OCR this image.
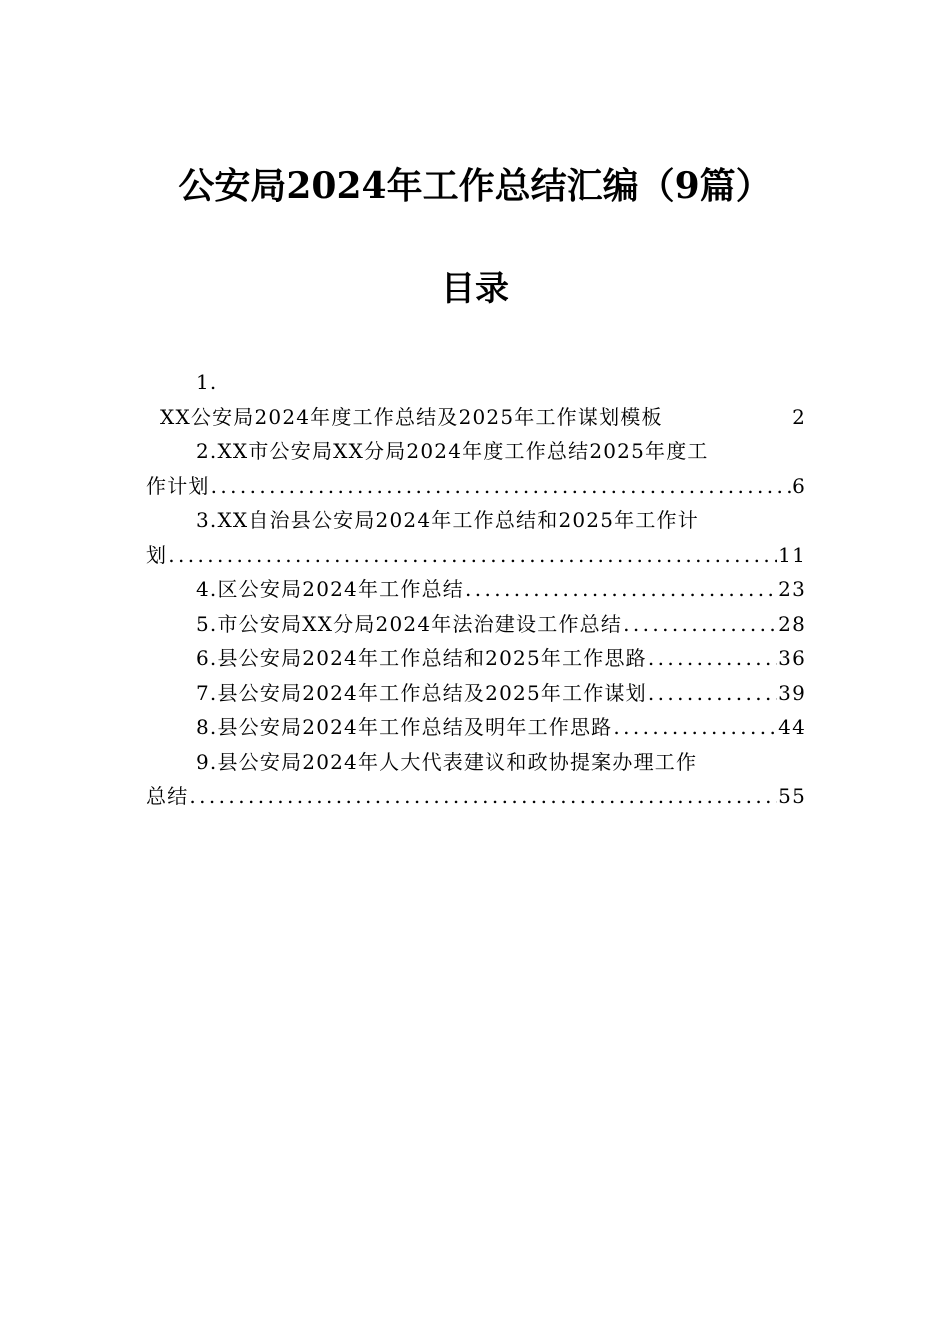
公安局2024年工作总结汇编（9篇）
目录
1.
XX公安局2024年度工作总结及2025年工作谋划模板	2
2.XX市公安局XX分局2024年度工作总结2025年度工
作计划 .....	6
3.XX自治县公安局2024年工作总结和2025年工作计
划 .....	11
4.区公安局2024年工作总结 .....	23
5.市公安局XX分局2024年法治建设工作总结 .....	28
6.县公安局2024年工作总结和2025年工作思路 .....	36
7.县公安局2024年工作总结及2025年工作谋划 .....	39
8.县公安局2024年工作总结及明年工作思路 .....	44
9.县公安局2024年人大代表建议和政协提案办理工作
总结 .....	55
